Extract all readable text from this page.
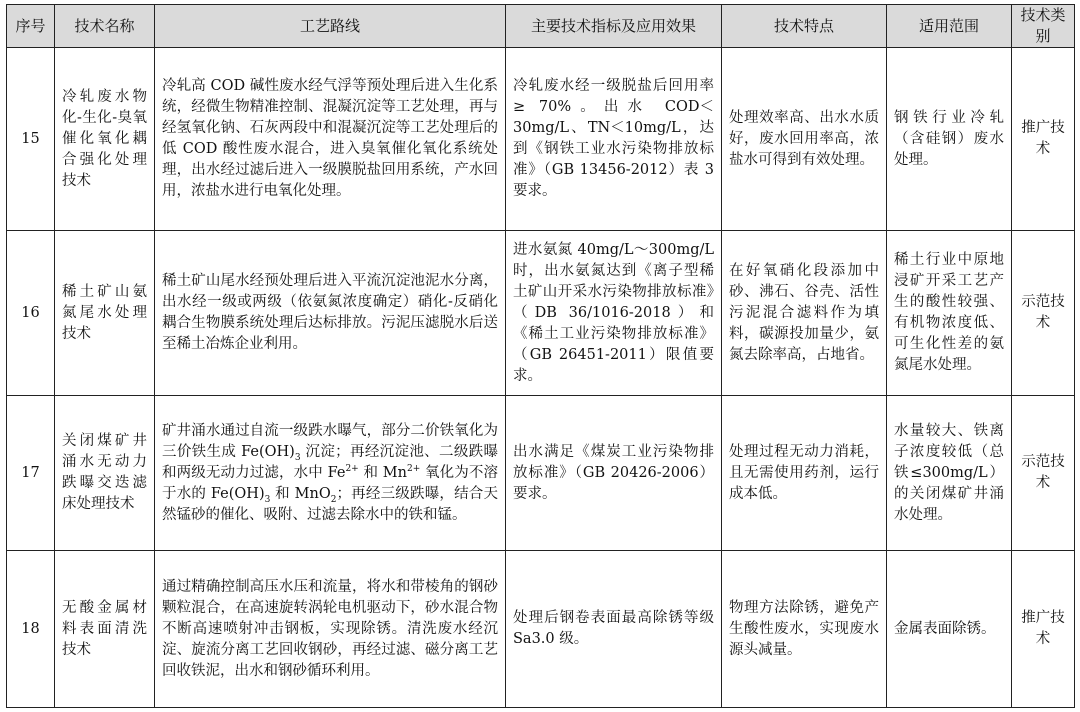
序号	技术名称	工艺路线	主要技术指标及应用效果	技术特点	适用范围	技术类别
15	冷轧废水物化-生化-臭氧催化氧化耦合强化处理技术	冷轧高 COD 碱性废水经气浮等预处理后进入生化系统，经微生物精准控制、混凝沉淀等工艺处理，再与经氢氧化钠、石灰两段中和混凝沉淀等工艺处理后的低 COD 酸性废水混合，进入臭氧催化氧化系统处理，出水经过滤后进入一级膜脱盐回用系统，产水回用，浓盐水进行电氧化处理。	冷轧废水经一级脱盐后回用率 ≥ 70%。出水 COD＜30mg/L、TN＜10mg/L，达到《钢铁工业水污染物排放标准》（GB 13456-2012）表 3 要求。	处理效率高、出水水质好，废水回用率高，浓盐水可得到有效处理。	钢铁行业冷轧（含硅钢）废水处理。	推广技术
16	稀土矿山氨氮尾水处理技术	稀土矿山尾水经预处理后进入平流沉淀池泥水分离，出水经一级或两级（依氨氮浓度确定）硝化-反硝化耦合生物膜系统处理后达标排放。污泥压滤脱水后送至稀土冶炼企业利用。	进水氨氮 40mg/L～300mg/L 时，出水氨氮达到《离子型稀土矿山开采水污染物排放标准》（DB 36/1016-2018）和《稀土工业污染物排放标准》（GB 26451-2011）限值要求。	在好氧硝化段添加中砂、沸石、谷壳、活性污泥混合滤料作为填料，碳源投加量少，氨氮去除率高，占地省。	稀土行业中原地浸矿开采工艺产生的酸性较强、有机物浓度低、可生化性差的氨氮尾水处理。	示范技术
17	关闭煤矿井涌水无动力跌曝交迭滤床处理技术	矿井涌水通过自流一级跌水曝气，部分二价铁氧化为三价铁生成 $Fe(OH)_3$ 沉淀；再经沉淀池、二级跌曝和两级无动力过滤，水中 $Fe^{2+}$ 和 $Mn^{2+}$ 氧化为不溶于水的 $Fe(OH)_3$ 和 MnO$_2$；再经三级跌曝，结合天然锰砂的催化、吸附、过滤去除水中的铁和锰。	出水满足《煤炭工业污染物排放标准》（GB 20426-2006）要求。	处理过程无动力消耗，且无需使用药剂，运行成本低。	水量较大、铁离子浓度较低（总铁≤300mg/L）的关闭煤矿井涌水处理。	示范技术
18	无酸金属材料表面清洗技术	通过精确控制高压水压和流量，将水和带棱角的钢砂颗粒混合，在高速旋转涡轮电机驱动下，砂水混合物不断高速喷射冲击钢板，实现除锈。清洗废水经沉淀、旋流分离工艺回收钢砂，再经过滤、磁分离工艺回收铁泥，出水和钢砂循环利用。	处理后钢卷表面最高除锈等级 Sa3.0 级。	物理方法除锈，避免产生酸性废水，实现废水源头减量。	金属表面除锈。	推广技术
